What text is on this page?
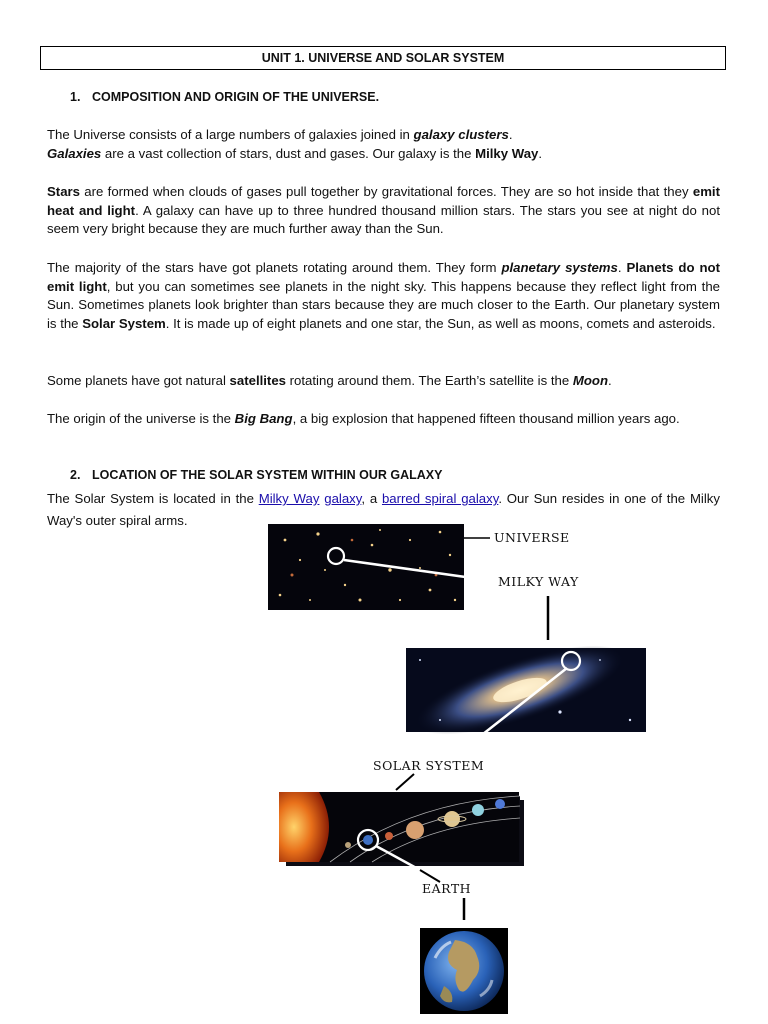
UNIT 1. UNIVERSE AND SOLAR SYSTEM
1. COMPOSITION AND ORIGIN OF THE UNIVERSE.

The Universe consists of a large numbers of galaxies joined in galaxy clusters.
Galaxies are a vast collection of stars, dust and gases. Our galaxy is the Milky Way.

Stars are formed when clouds of gases pull together by gravitational forces. They are so hot inside that they emit heat and light. A galaxy can have up to three hundred thousand million stars. The stars you see at night do not seem very bright because they are much further away than the Sun.

The majority of the stars have got planets rotating around them. They form planetary systems. Planets do not emit light, but you can sometimes see planets in the night sky. This happens because they reflect light from the Sun. Sometimes planets look brighter than stars because they are much closer to the Earth. Our planetary system is the Solar System. It is made up of eight planets and one star, the Sun, as well as moons, comets and asteroids.

Some planets have got natural satellites rotating around them. The Earth’s satellite is the Moon.

The origin of the universe is the Big Bang, a big explosion that happened fifteen thousand million years ago.

2. LOCATION OF THE SOLAR SYSTEM WITHIN OUR GALAXY

The Solar System is located in the Milky Way galaxy, a barred spiral galaxy. Our Sun resides in one of the Milky Way's outer spiral arms.

UNIVERSE
MILKY WAY
SOLAR SYSTEM
EARTH
